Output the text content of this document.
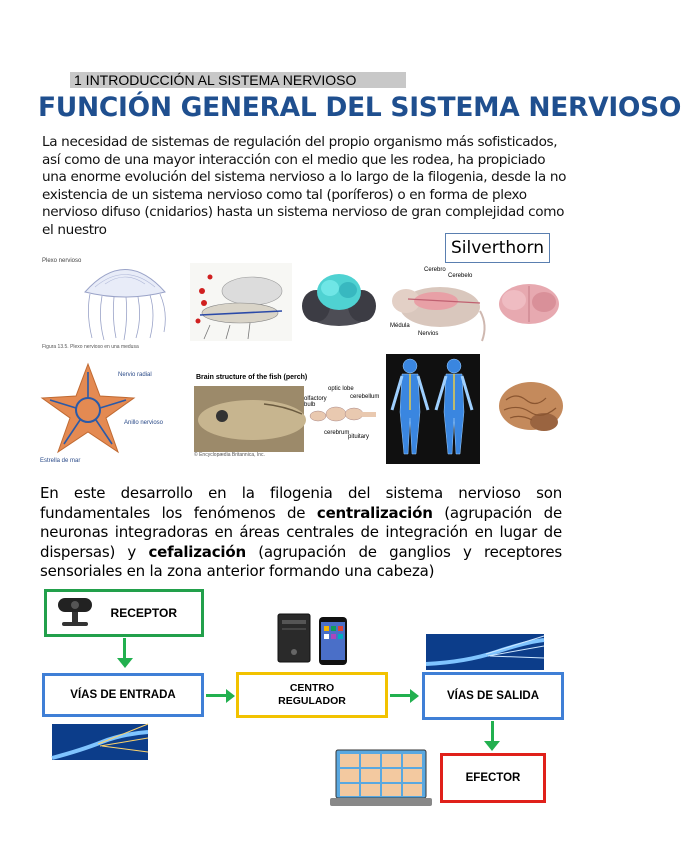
1 INTRODUCCIÓN AL SISTEMA NERVIOSO
FUNCIÓN GENERAL DEL SISTEMA NERVIOSO
La necesidad de sistemas de regulación del propio organismo más sofisticados,
así como de una mayor interacción con el medio que les rodea, ha propiciado
una enorme evolución del sistema nervioso a lo largo de la filogenia, desde la no
existencia de un sistema nervioso como tal (poríferos) o en forma de plexo
nervioso difuso (cnidarios) hasta un sistema nervioso de gran complejidad como
el nuestro
Silverthorn
Plexo nervioso
Figura 13.5. Plexo nervioso en una medusa
Cerebro
Cerebelo
Médula
Nervios
Nervio radial
Anillo nervioso
Estrella de mar
Brain structure of the fish (perch)
olfactory bulb
optic lobe
cerebellum
cerebrum
pituitary
© Encyclopædia Britannica, Inc.
En este desarrollo en la filogenia del sistema nervioso son fundamentales los fenómenos de centralización (agrupación de neuronas integradoras en áreas centrales de integración en lugar de dispersas) y cefalización (agrupación de ganglios y receptores sensoriales en la zona anterior formando una cabeza)
RECEPTOR
VÍAS DE ENTRADA
CENTRO
REGULADOR	VÍAS DE SALIDA
EFECTOR
